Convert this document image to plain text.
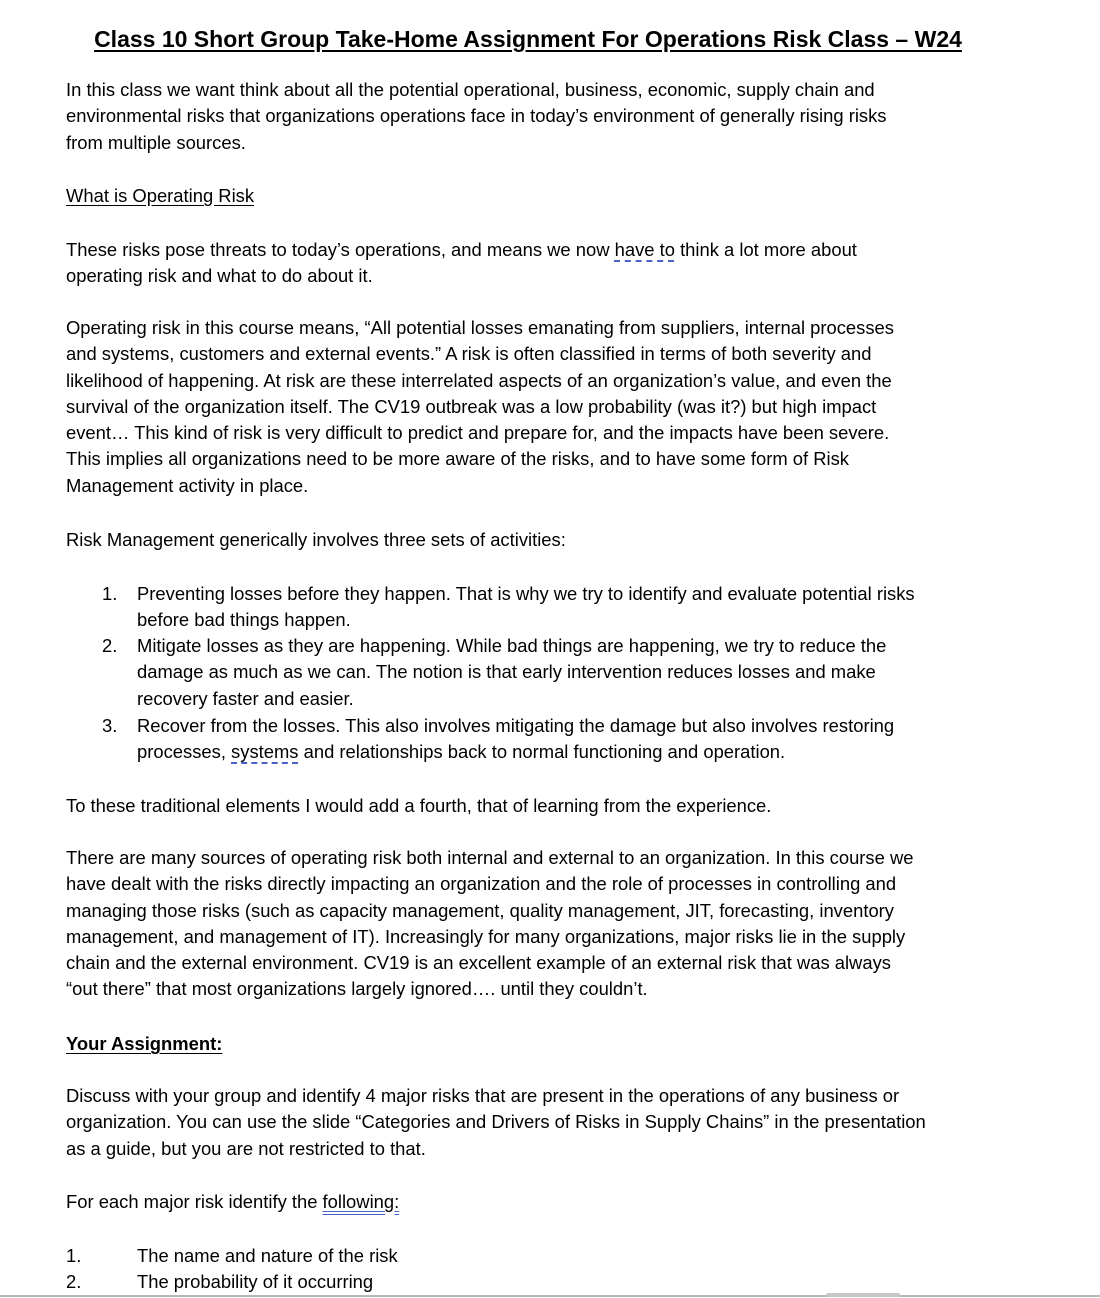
Class 10 Short Group Take-Home Assignment For Operations Risk Class – W24
In this class we want think about all the potential operational, business, economic, supply chain and
environmental risks that organizations operations face in today’s environment of generally rising risks
from multiple sources.
What is Operating Risk
These risks pose threats to today’s operations, and means we now have to think a lot more about
operating risk and what to do about it.
Operating risk in this course means, “All potential losses emanating from suppliers, internal processes
and systems, customers and external events.” A risk is often classified in terms of both severity and
likelihood of happening. At risk are these interrelated aspects of an organization’s value, and even the
survival of the organization itself. The CV19 outbreak was a low probability (was it?) but high impact
event… This kind of risk is very difficult to predict and prepare for, and the impacts have been severe.
This implies all organizations need to be more aware of the risks, and to have some form of Risk
Management activity in place.
Risk Management generically involves three sets of activities:
1. Preventing losses before they happen. That is why we try to identify and evaluate potential risks
before bad things happen.
2. Mitigate losses as they are happening. While bad things are happening, we try to reduce the
damage as much as we can. The notion is that early intervention reduces losses and make
recovery faster and easier.
3. Recover from the losses. This also involves mitigating the damage but also involves restoring
processes, systems and relationships back to normal functioning and operation.
To these traditional elements I would add a fourth, that of learning from the experience.
There are many sources of operating risk both internal and external to an organization. In this course we
have dealt with the risks directly impacting an organization and the role of processes in controlling and
managing those risks (such as capacity management, quality management, JIT, forecasting, inventory
management, and management of IT). Increasingly for many organizations, major risks lie in the supply
chain and the external environment. CV19 is an excellent example of an external risk that was always
“out there” that most organizations largely ignored…. until they couldn’t.
Your Assignment:
Discuss with your group and identify 4 major risks that are present in the operations of any business or
organization. You can use the slide “Categories and Drivers of Risks in Supply Chains” in the presentation
as a guide, but you are not restricted to that.
For each major risk identify the following:
1.	The name and nature of the risk
2.	The probability of it occurring
